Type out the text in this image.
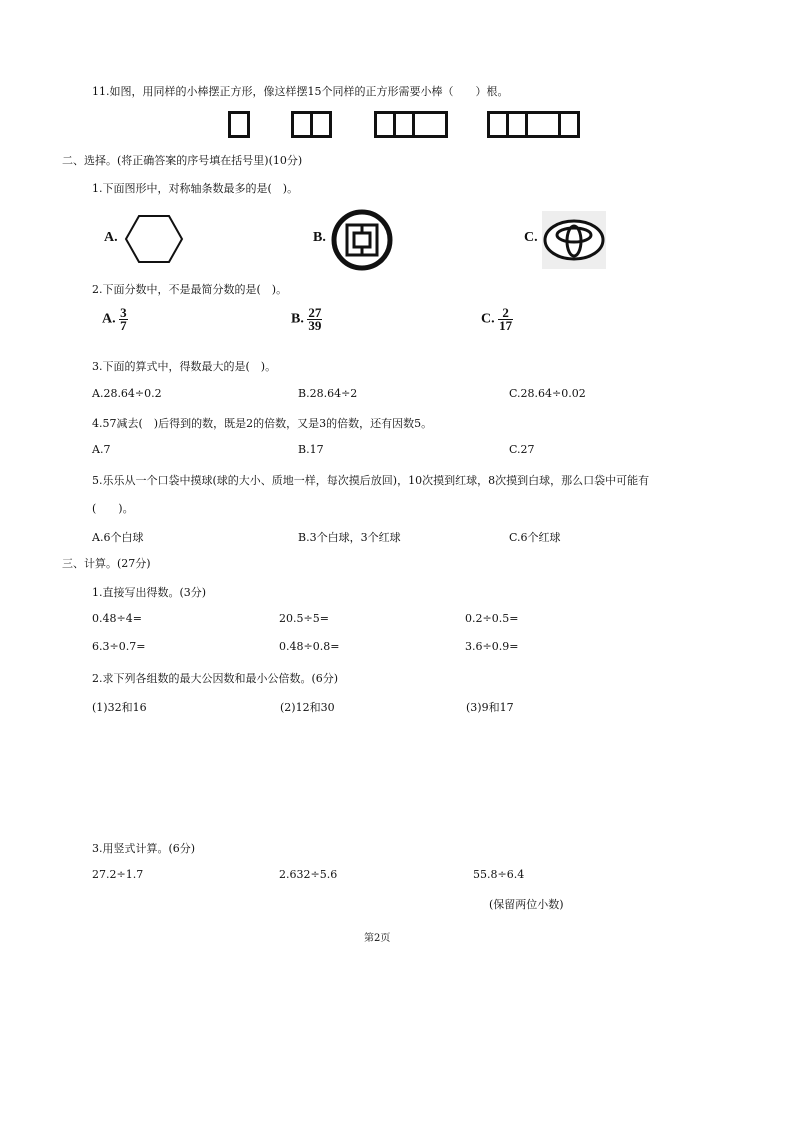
11.如图，用同样的小棒摆正方形，像这样摆15个同样的正方形需要小棒（　　）根。
二、选择。(将正确答案的序号填在括号里)(10分)
1.下面图形中，对称轴条数最多的是(　)。
A.	B.	C.
2.下面分数中，不是最简分数的是(　)。
A. $\frac{3}{7}$	B. $\frac{27}{39}$	C. $\frac{2}{17}$
3.下面的算式中，得数最大的是(　)。
A.28.64÷0.2	B.28.64÷2	C.28.64÷0.02
4.57减去(　)后得到的数，既是2的倍数，又是3的倍数，还有因数5。
A.7	B.17	C.27
5.乐乐从一个口袋中摸球(球的大小、质地一样，每次摸后放回)，10次摸到红球，8次摸到白球，那么口袋中可能有
(　　)。
A.6个白球	B.3个白球，3个红球	C.6个红球
三、计算。(27分)
1.直接写出得数。(3分)
0.48÷4=	20.5÷5=	0.2÷0.5=
6.3÷0.7=	0.48÷0.8=	3.6÷0.9=
2.求下列各组数的最大公因数和最小公倍数。(6分)
(1)32和16	(2)12和30	(3)9和17
3.用竖式计算。(6分)
27.2÷1.7	2.632÷5.6	55.8÷6.4
(保留两位小数)
第2页
